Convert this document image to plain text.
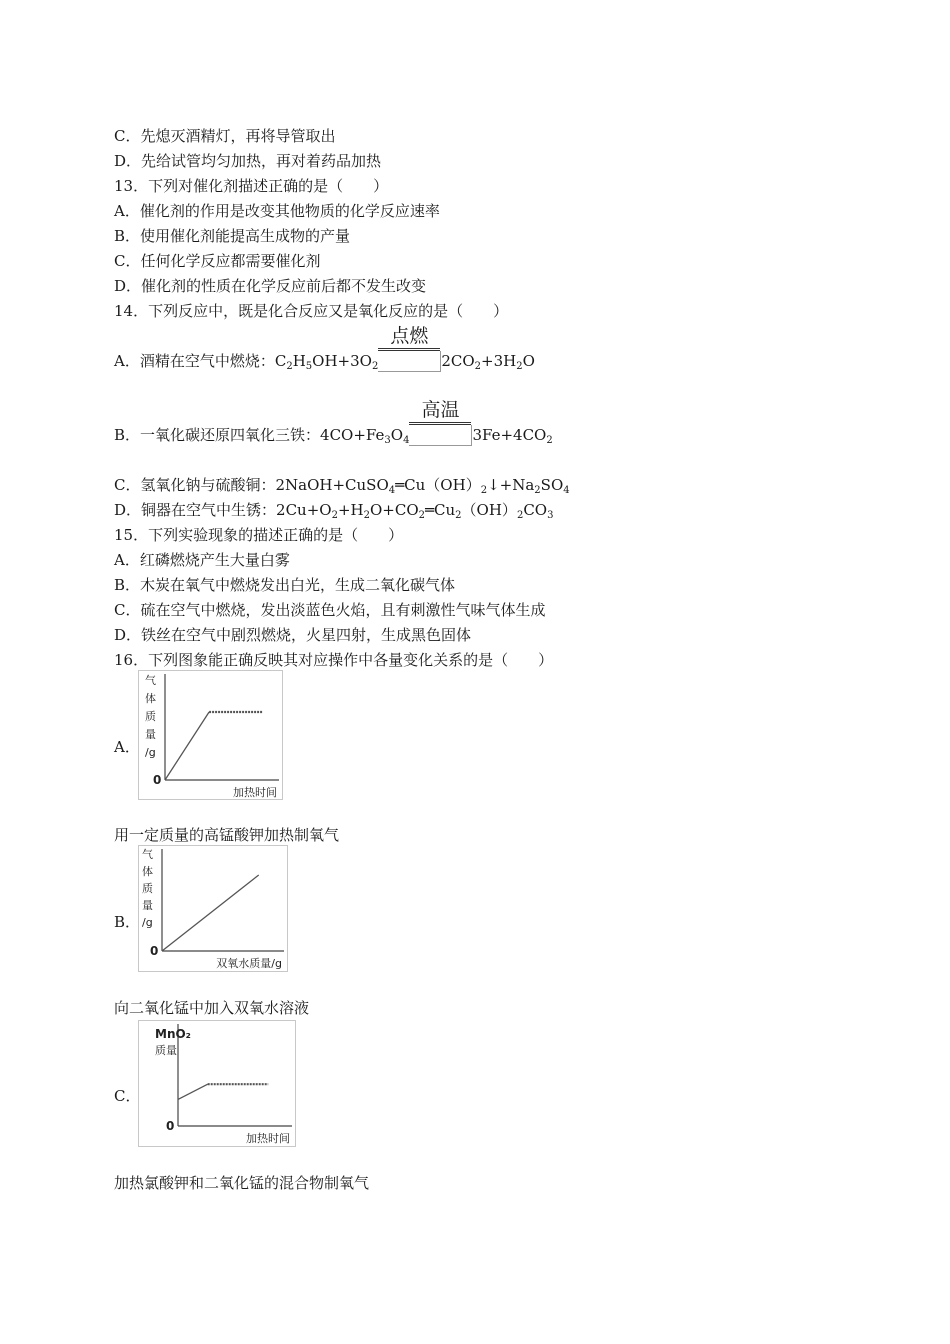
C．先熄灭酒精灯，再将导管取出
D．先给试管均匀加热，再对着药品加热
13．下列对催化剂描述正确的是（　　）
A．催化剂的作用是改变其他物质的化学反应速率
B．使用催化剂能提高生成物的产量
C．任何化学反应都需要催化剂
D．催化剂的性质在化学反应前后都不发生改变
14．下列反应中，既是化合反应又是氧化反应的是（　　）
A．酒精在空气中燃烧：$C_2H_5OH+3O_2$
点燃
$2CO_2+3H_2O$
B．一氧化碳还原四氧化三铁：$4CO+Fe_3O_4$
高温
$3Fe+4CO_2$
C．氢氧化钠与硫酸铜：$2NaOH+CuSO_4═Cu(OH)_2↓+Na_2SO_4$
D．铜器在空气中生锈：$2Cu+O_2+H_2O+CO_2═Cu_2(OH)_2CO_3$
15．下列实验现象的描述正确的是（　　）
A．红磷燃烧产生大量白雾
B．木炭在氧气中燃烧发出白光，生成二氧化碳气体
C．硫在空气中燃烧，发出淡蓝色火焰，且有刺激性气味气体生成
D．铁丝在空气中剧烈燃烧，火星四射，生成黑色固体
16．下列图象能正确反映其对应操作中各量变化关系的是（　　）
A．
0
气
体
质
量
/g
加热时间
用一定质量的高锰酸钾加热制氧气
B．
0
气
体
质
量
/g
双氧水质量/g
向二氧化锰中加入双氧水溶液
C．
0
MnO₂
质量
加热时间
加热氯酸钾和二氧化锰的混合物制氧气
